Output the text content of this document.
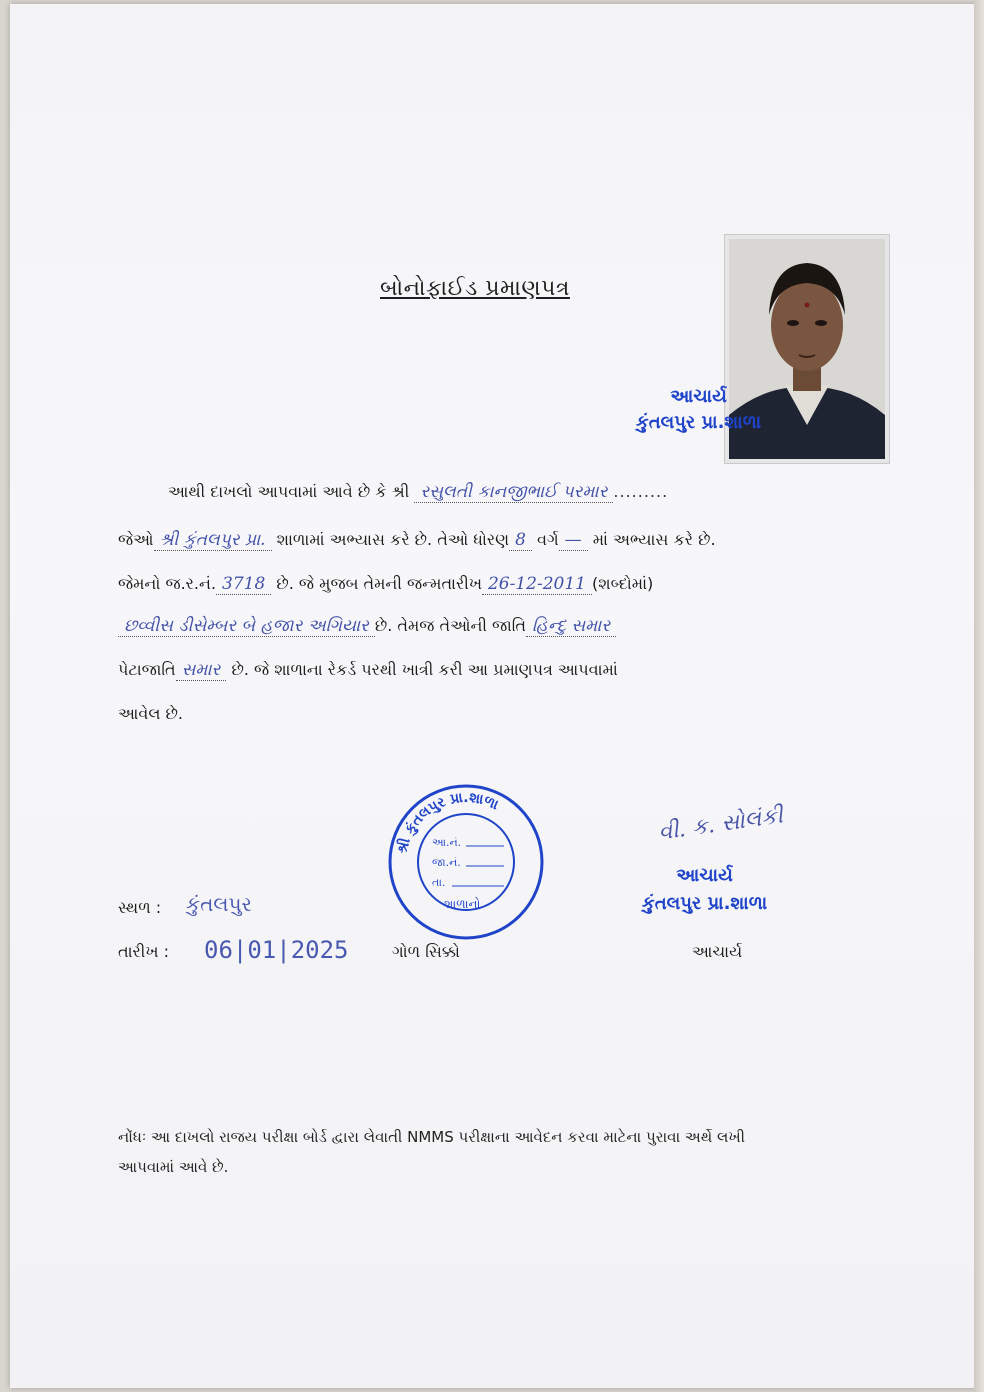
બોનોફાઈડ પ્રમાણપત્ર
આચાર્ય
કુંતલપુર પ્રા.શાળા
આથી દાખલો આપવામાં આવે છે કે શ્રી રસુલતી કાનજીભાઈ પરમાર .........
જેઓ શ્રી કુંતલપુર પ્રા. શાળામાં અભ્યાસ કરે છે. તેઓ ધોરણ 8 વર્ગ — માં અભ્યાસ કરે છે.
જેમનો જ.ર.નં. 3718 છે. જે મુજબ તેમની જન્મતારીખ 26-12-2011 (શબ્દોમાં)
છવ્વીસ ડીસેમ્બર બે હજાર અગિયાર છે. તેમજ તેઓની જાતિ હિન્દુ સમાર
પેટાજાતિ સમાર છે. જે શાળાના રેકર્ડ પરથી ખાત્રી કરી આ પ્રમાણપત્ર આપવામાં
આવેલ છે.
શ્રી કુંતલપુર પ્રા.શાળા
આ.નં.
જા.નં.
તા.
શાળાનો
વી. ક. સોલંકી
આચાર્ય
કુંતલપુર પ્રા.શાળા
સ્થળ : કુંતલપુર
તારીખ : 06|01|2025	ગોળ સિક્કો	આચાર્ય
નોંધઃ આ દાખલો રાજય પરીક્ષા બોર્ડ દ્વારા લેવાતી NMMS પરીક્ષાના આવેદન કરવા માટેના પુરાવા અર્થે લખી
આપવામાં આવે છે.
